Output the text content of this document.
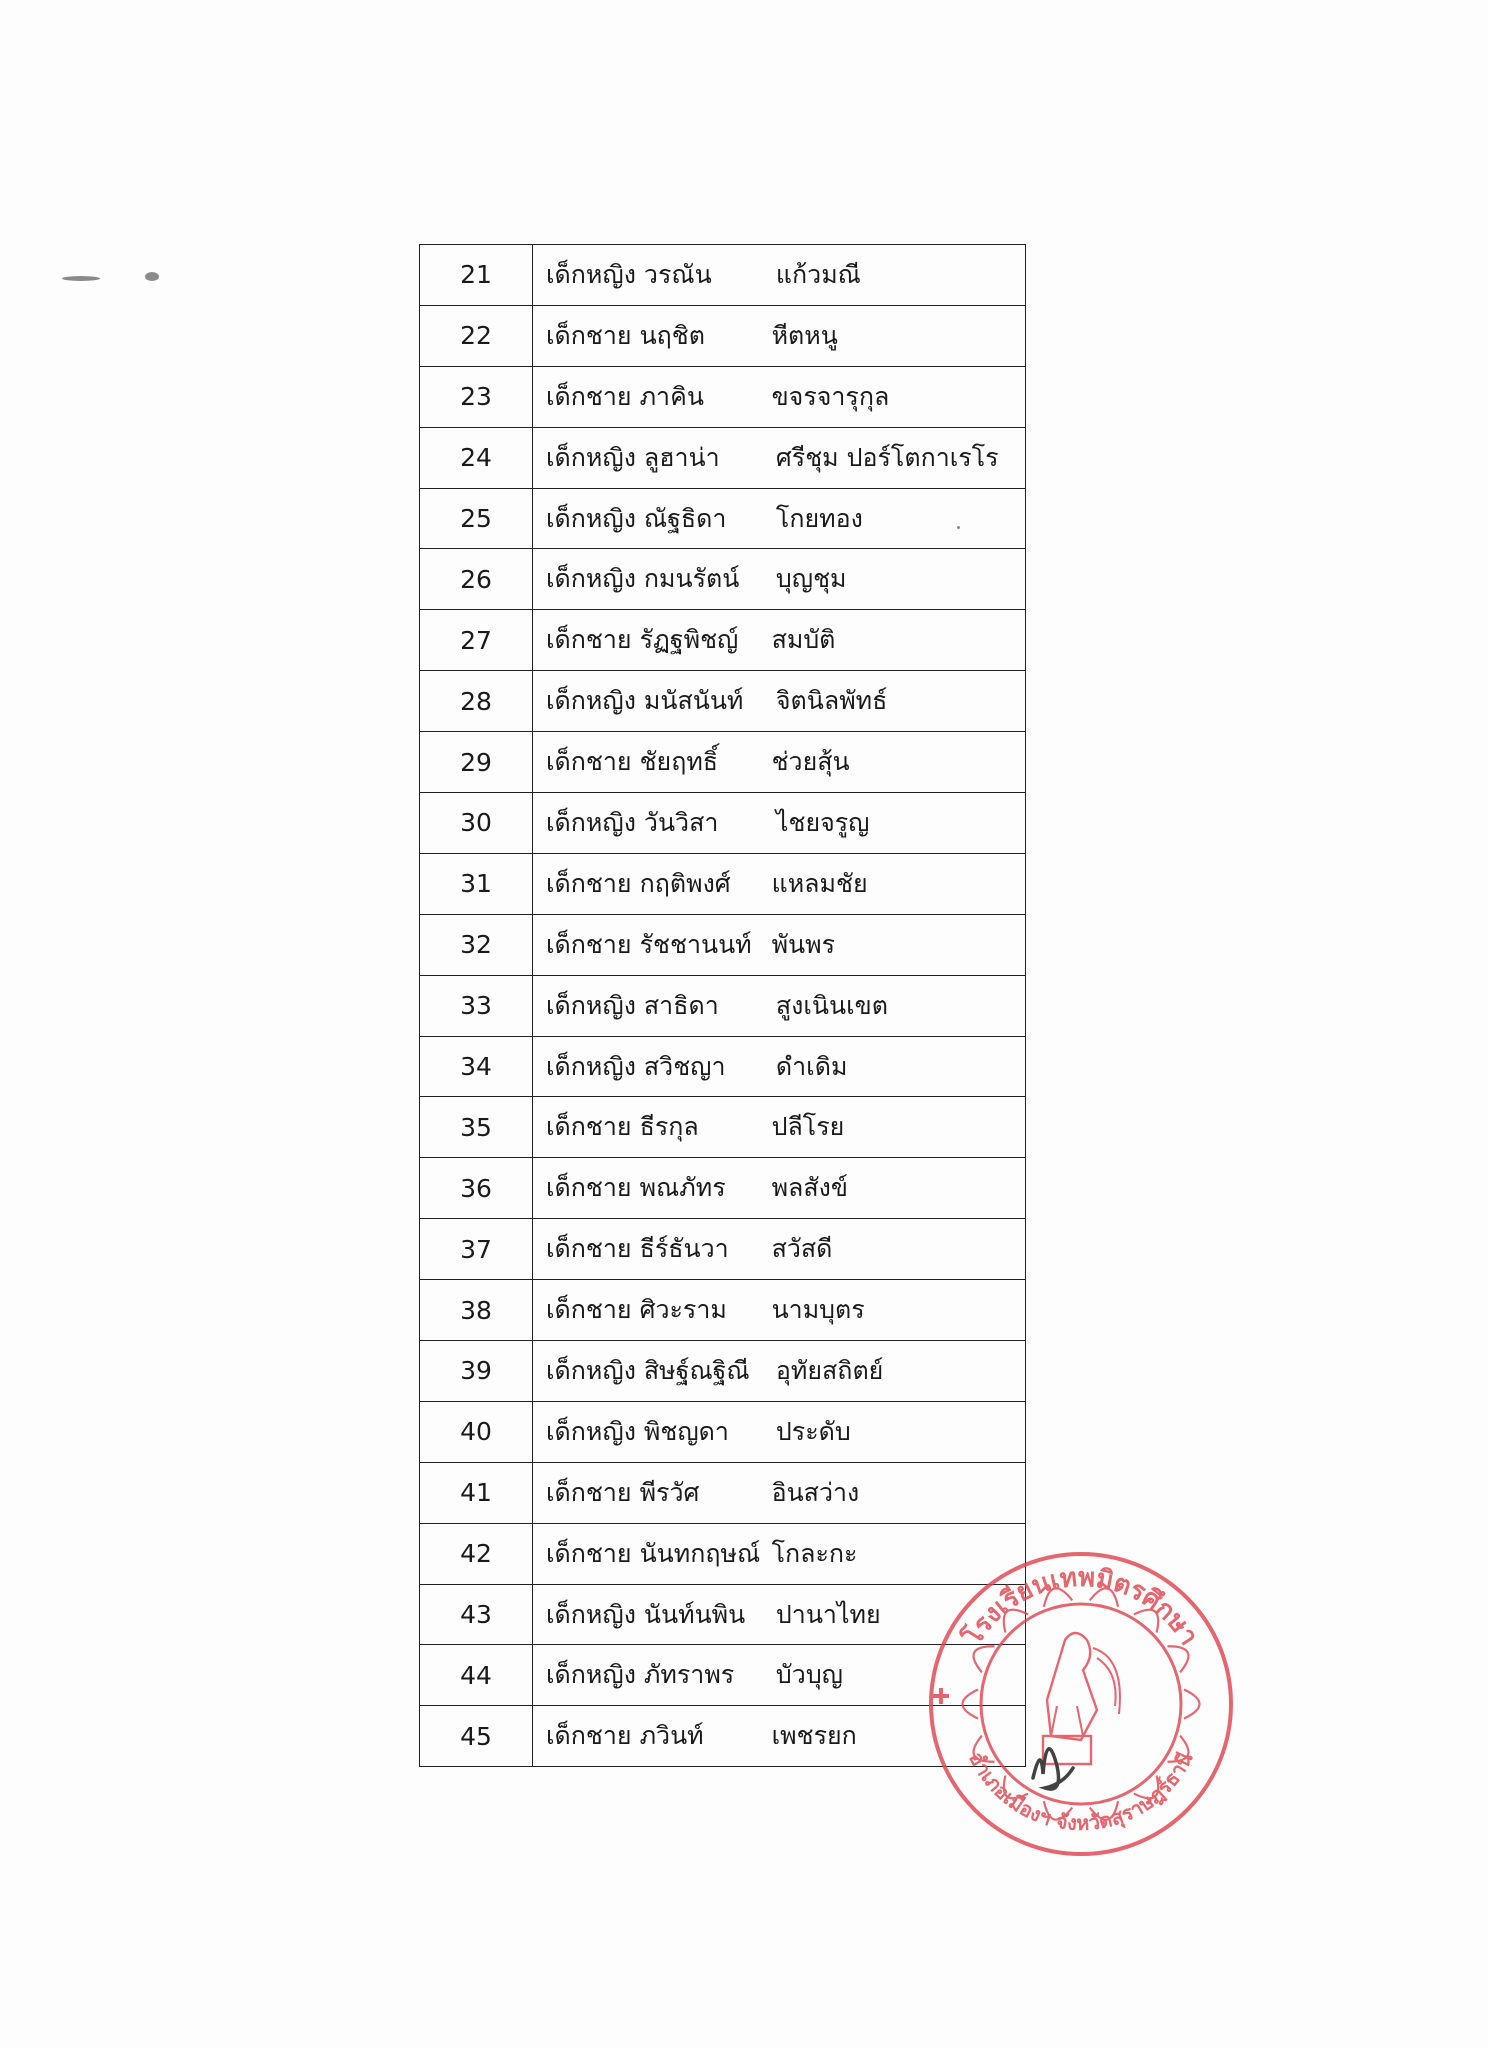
21	เด็กหญิง วรณัน แก้วมณี
22	เด็กชาย นฤชิต หีตหนู
23	เด็กชาย ภาคิน ขจรจารุกุล
24	เด็กหญิง ลูฮาน่า ศรีชุม ปอร์โตกาเรโร
25	เด็กหญิง ณัฐธิดา โกยทอง
26	เด็กหญิง กมนรัตน์ บุญชุม
27	เด็กชาย รัฏฐพิชญ์ สมบัติ
28	เด็กหญิง มนัสนันท์ จิตนิลพัทธ์
29	เด็กชาย ชัยฤทธิ์ ช่วยสุ้น
30	เด็กหญิง วันวิสา ไชยจรูญ
31	เด็กชาย กฤติพงศ์ แหลมชัย
32	เด็กชาย รัชชานนท์ พันพร
33	เด็กหญิง สาธิดา สูงเนินเขต
34	เด็กหญิง สวิชญา ดำเดิม
35	เด็กชาย ธีรกุล ปลีโรย
36	เด็กชาย พณภัทร พลสังข์
37	เด็กชาย ธีร์ธันวา สวัสดี
38	เด็กชาย ศิวะราม นามบุตร
39	เด็กหญิง สิษฐ์ณฐิณี อุทัยสถิตย์
40	เด็กหญิง พิชญดา ประดับ
41	เด็กชาย พีรวัศ อินสว่าง
42	เด็กชาย นันทกฤษณ์ โกละกะ
43	เด็กหญิง นันท์นพิน ปานาไทย
44	เด็กหญิง ภัทราพร บัวบุญ
45	เด็กชาย ภวินท์ เพชรยก
โรงเรียนเทพมิตรศึกษา
อำเภอเมืองฯ จังหวัดสุราษฎร์ธานี
